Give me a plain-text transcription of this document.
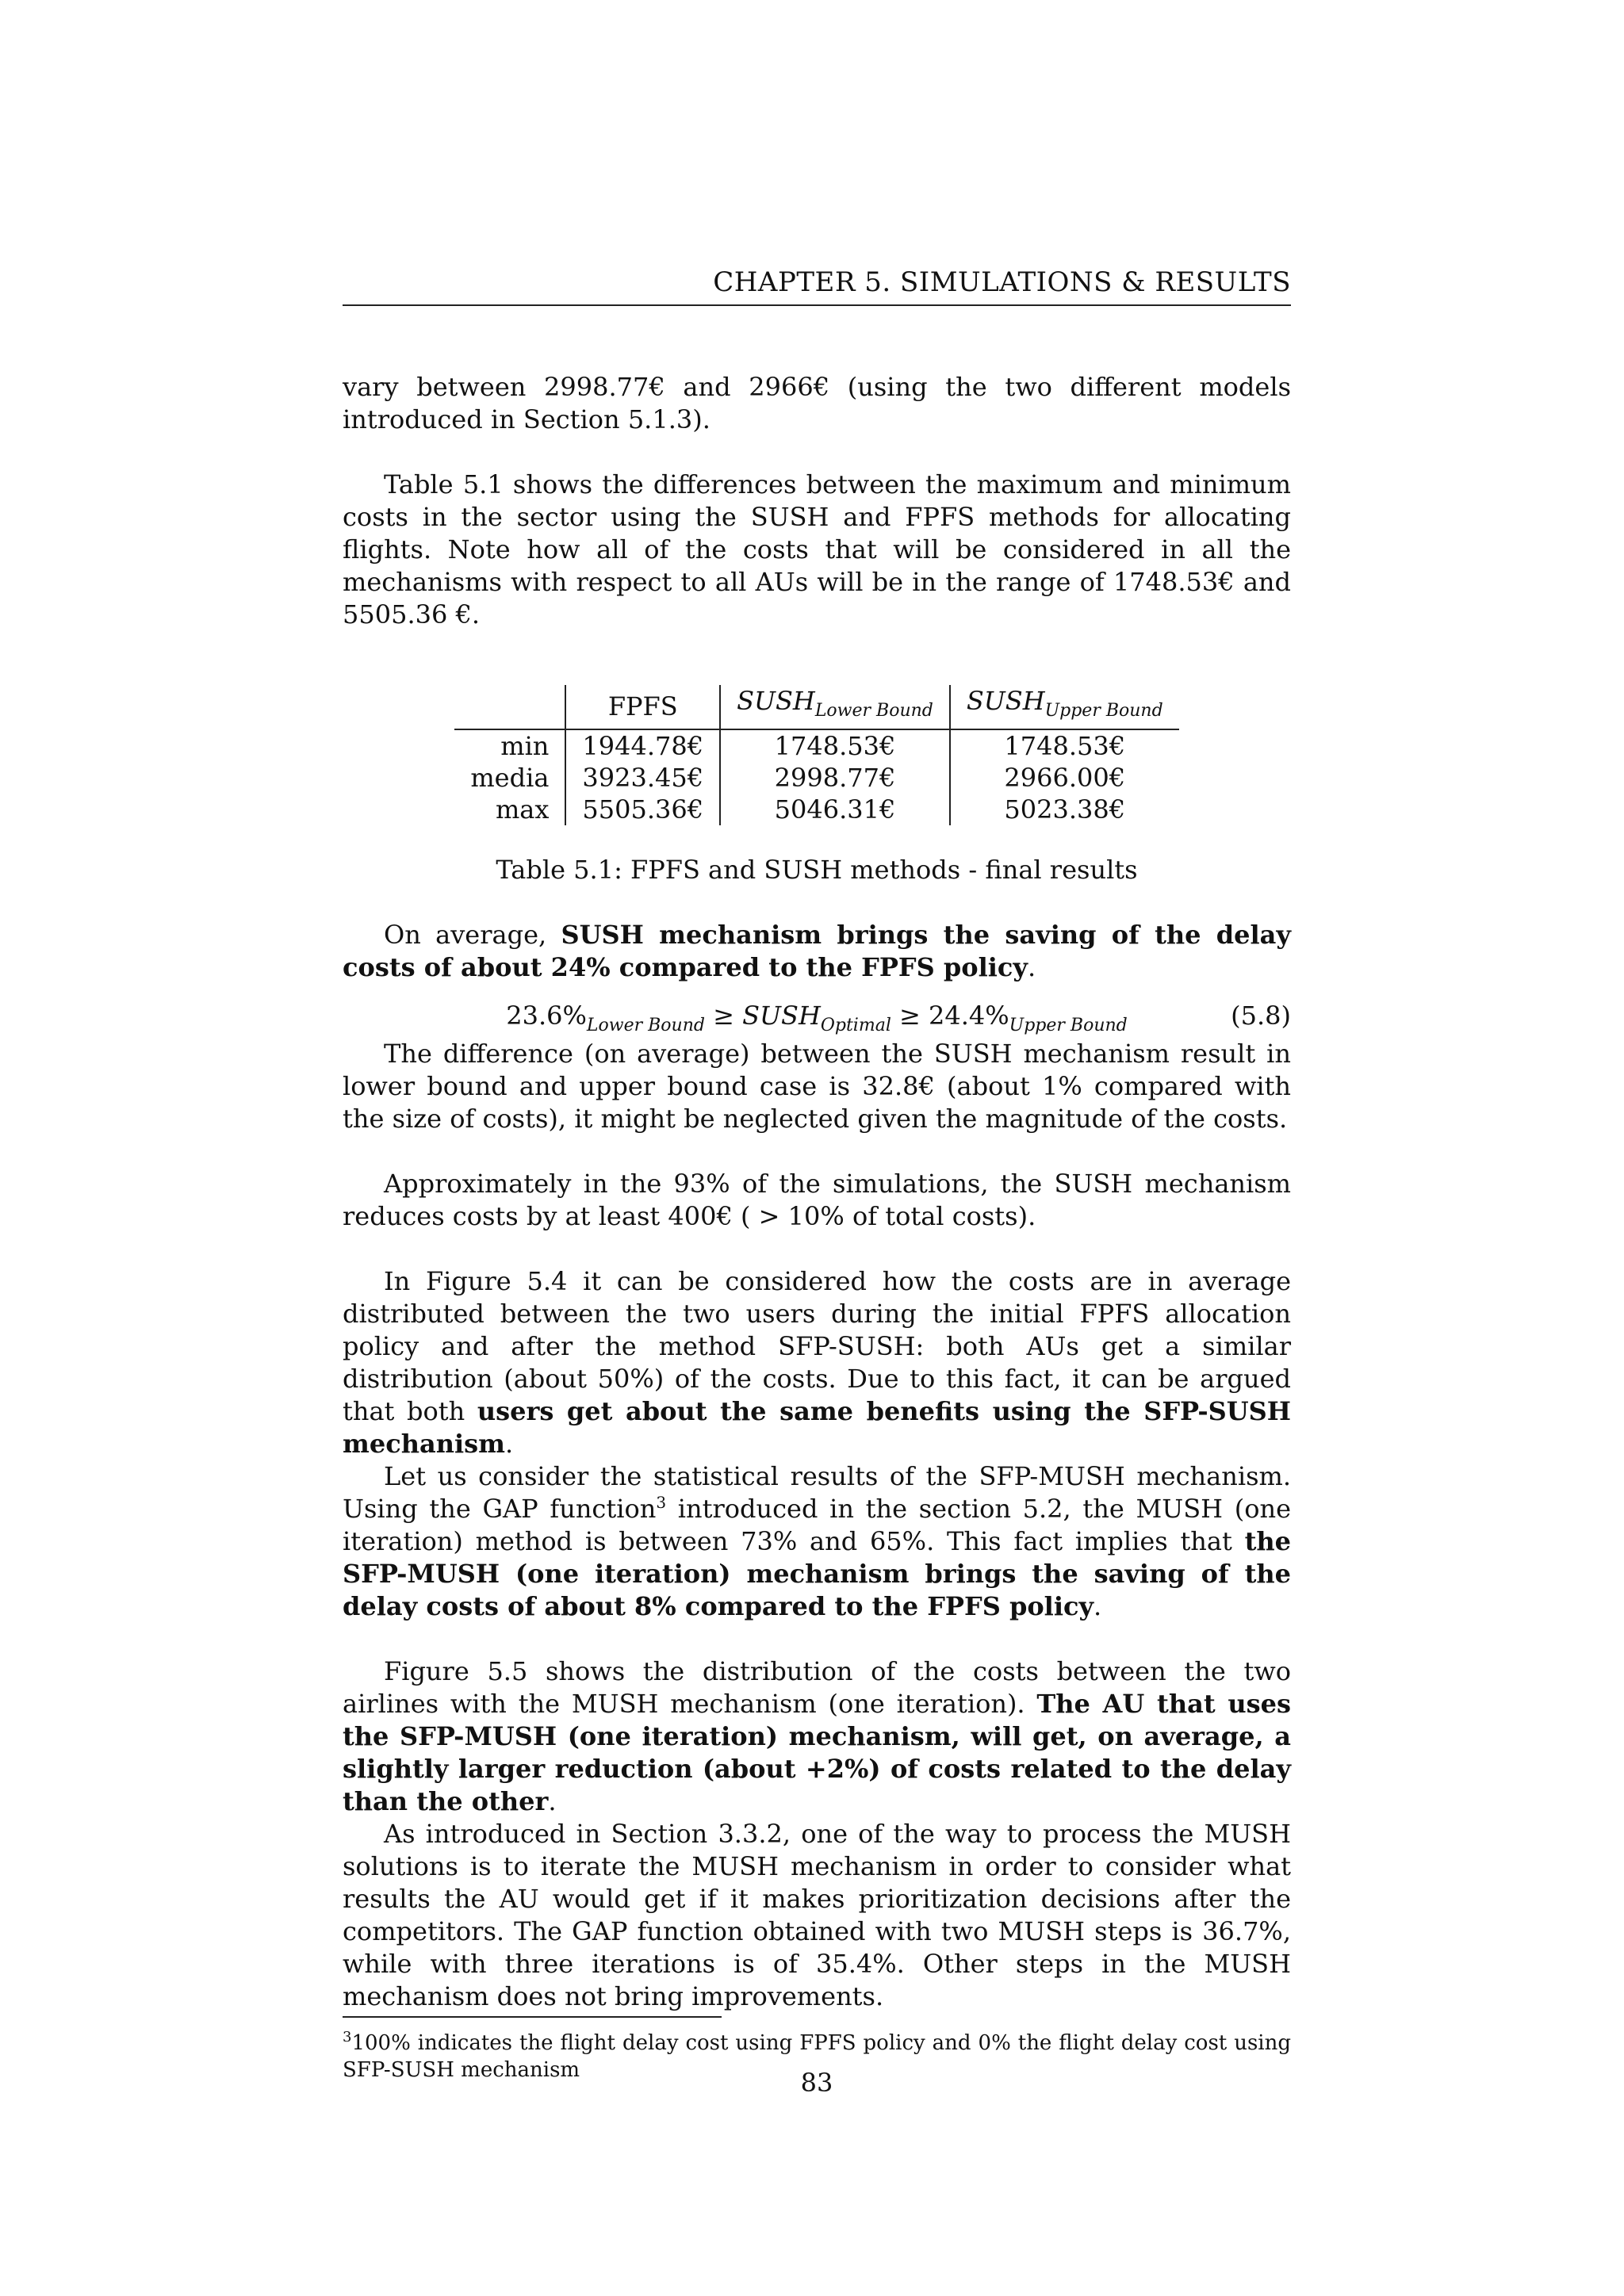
CHAPTER 5. SIMULATIONS & RESULTS

vary between 2998.77€ and 2966€ (using the two different models introduced in Section 5.1.3).

Table 5.1 shows the differences between the maximum and minimum costs in the sector using the SUSH and FPFS methods for allocating flights. Note how all of the costs that will be considered in all the mechanisms with respect to all AUs will be in the range of 1748.53€ and 5505.36 €.

	FPFS	$SUSH_{Lower Bound}$	$SUSH_{Upper Bound}$
min	1944.78€	1748.53€	1748.53€
media	3923.45€	2998.77€	2966.00€
max	5505.36€	5046.31€	5023.38€
Table 5.1: FPFS and SUSH methods - final results

On average, SUSH mechanism brings the saving of the delay costs of about 24% compared to the FPFS policy.

$23.6\%_{Lower Bound}$ ≥ $SUSH_{Optimal} \ge 24.4\%_{Upper Bound}$	(5.8)

The difference (on average) between the SUSH mechanism result in lower bound and upper bound case is 32.8€ (about 1% compared with the size of costs), it might be neglected given the magnitude of the costs.

Approximately in the 93% of the simulations, the SUSH mechanism reduces costs by at least 400€ ( > 10% of total costs).

In Figure 5.4 it can be considered how the costs are in average distributed between the two users during the initial FPFS allocation policy and after the method SFP-SUSH: both AUs get a similar distribution (about 50%) of the costs. Due to this fact, it can be argued that both users get about the same benefits using the SFP-SUSH mechanism.

Let us consider the statistical results of the SFP-MUSH mechanism. Using the GAP function$^3$ introduced in the section 5.2, the MUSH (one iteration) method is between 73% and 65%. This fact implies that the SFP-MUSH (one iteration) mechanism brings the saving of the delay costs of about 8% compared to the FPFS policy.

Figure 5.5 shows the distribution of the costs between the two airlines with the MUSH mechanism (one iteration). The AU that uses the SFP-MUSH (one iteration) mechanism, will get, on average, a slightly larger reduction (about +2%) of costs related to the delay than the other.

As introduced in Section 3.3.2, one of the way to process the MUSH solutions is to iterate the MUSH mechanism in order to consider what results the AU would get if it makes prioritization decisions after the competitors. The GAP function obtained with two MUSH steps is 36.7%, while with three iterations is of 35.4%. Other steps in the MUSH mechanism does not bring improvements.

$^3$100% indicates the flight delay cost using FPFS policy and 0% the flight delay cost using SFP-SUSH mechanism	83
